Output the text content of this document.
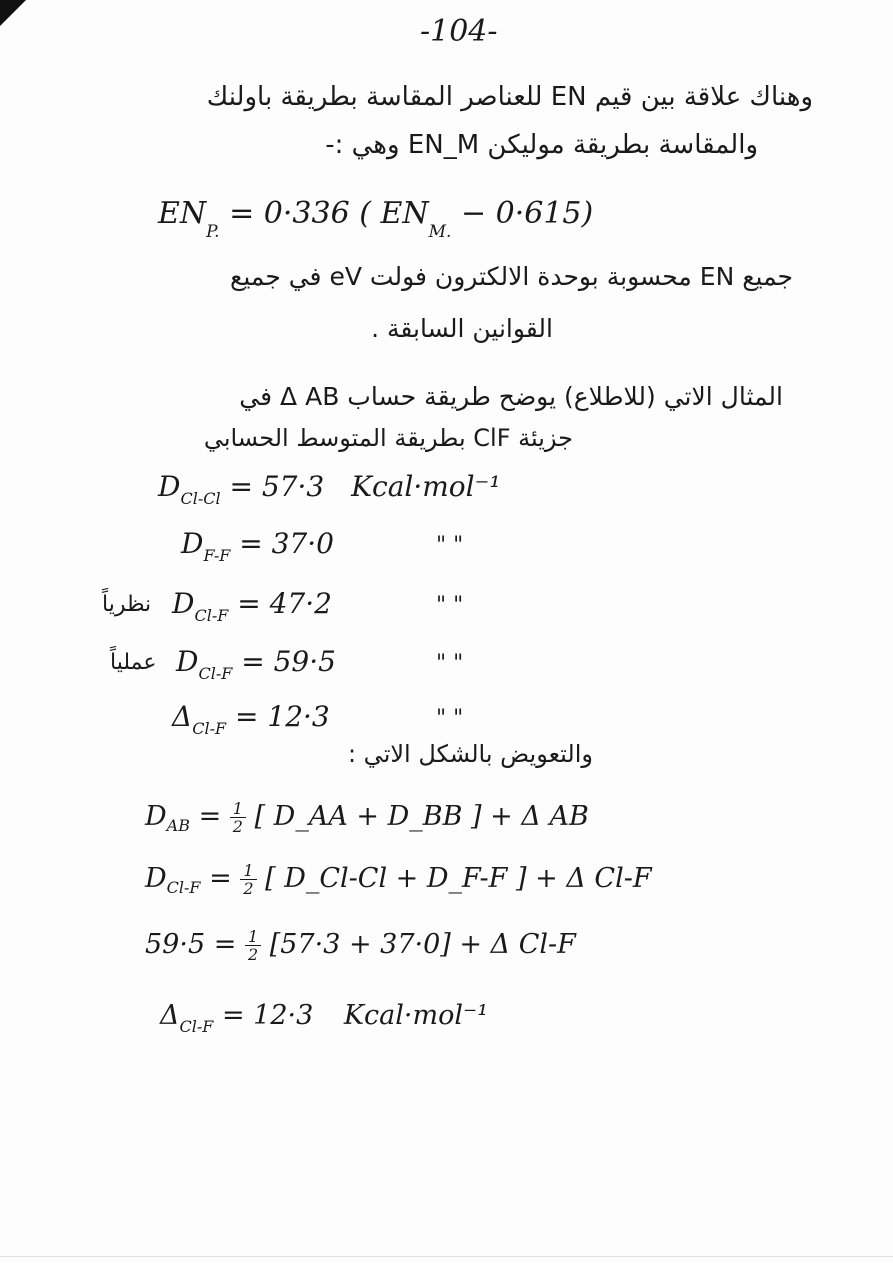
-104-
وهناك علاقة بين قيم EN للعناصر المقاسة بطريقة باولنك
والمقاسة بطريقة موليكن EN_M وهي :-
$EN_{P.} = 0\cdot 336$ ( $EN_{M.} - 0\cdot 615$)
جميع EN محسوبة بوحدة الالكترون فولت eV في جميع
القوانين السابقة .
المثال الاتي (للاطلاع) يوضح طريقة حساب Δ AB في
جزيئة ClF بطريقة المتوسط الحسابي
$D_{Cl-Cl} = 57\cdot 3$ Kcal·mol⁻¹
$D_{F-F} = 37\cdot 0$	" "
نظرياً $D_{Cl-F} = 47\cdot 2$	" "
عملياً $D_{Cl-F} = 59\cdot 5$	" "
$\Delta_{Cl-F} = 12\cdot 3$	" "
والتعويض بالشكل الاتي :
$D_{AB} = \frac{1}{2}$ [ D_AA + D_BB ] + Δ AB
$D_{Cl-F} = \frac{1}{2}$ [ D_Cl-Cl + D_F-F ] + Δ Cl-F
$59\cdot 5 = \frac{1}{2} [57\cdot 3 + 37\cdot 0] + \Delta$ Cl-F
$\Delta_{Cl-F} = 12\cdot 3$ Kcal·mol⁻¹
